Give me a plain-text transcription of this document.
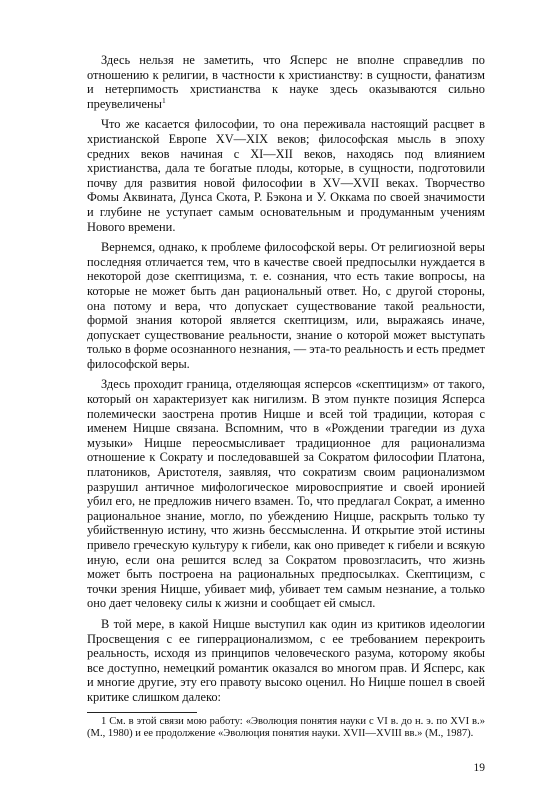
Здесь нельзя не заметить, что Ясперс не вполне справедлив по отношению к религии, в частности к христианству: в сущности, фанатизм и нетерпимость христианства к науке здесь оказываются сильно преувеличены$^1$

Что же касается философии, то она переживала настоящий расцвет в христианской Европе XV—XIX веков; философская мысль в эпоху средних веков начиная с XI—XII веков, находясь под влиянием христианства, дала те богатые плоды, которые, в сущности, подготовили почву для развития новой философии в XV—XVII веках. Творчество Фомы Аквината, Дунса Скота, Р. Бэкона и У. Оккама по своей значимости и глубине не уступает самым основательным и продуманным учениям Нового времени.

Вернемся, однако, к проблеме философской веры. От религиозной веры последняя отличается тем, что в качестве своей предпосылки нуждается в некоторой дозе скептицизма, т. е. сознания, что есть такие вопросы, на которые не может быть дан рациональный ответ. Но, с другой стороны, она потому и вера, что допускает существование такой реальности, формой знания которой является скептицизм, или, выражаясь иначе, допускает существование реальности, знание о которой может выступать только в форме осознанного незнания, — эта-то реальность и есть предмет философской веры.

Здесь проходит граница, отделяющая ясперсов «скептицизм» от такого, который он характеризует как нигилизм. В этом пункте позиция Ясперса полемически заострена против Ницше и всей той традиции, которая с именем Ницше связана. Вспомним, что в «Рождении трагедии из духа музыки» Ницше переосмысливает традиционное для рационализма отношение к Сократу и последовавшей за Сократом философии Платона, платоников, Аристотеля, заявляя, что сократизм своим рационализмом разрушил античное мифологическое мировосприятие и своей иронией убил его, не предложив ничего взамен. То, что предлагал Сократ, а именно рациональное знание, могло, по убеждению Ницше, раскрыть только ту убийственную истину, что жизнь бессмысленна. И открытие этой истины привело греческую культуру к гибели, как оно приведет к гибели и всякую иную, если она решится вслед за Сократом провозгласить, что жизнь может быть построена на рациональных предпосылках. Скептицизм, с точки зрения Ницше, убивает миф, убивает тем самым незнание, а только оно дает человеку силы к жизни и сообщает ей смысл.

В той мере, в какой Ницше выступил как один из критиков идеологии Просвещения с ее гиперрационализмом, с ее требованием перекроить реальность, исходя из принципов человеческого разума, которому якобы все доступно, немецкий романтик оказался во многом прав. И Ясперс, как и многие другие, эту его правоту высоко оценил. Но Ницше пошел в своей критике слишком далеко:

1 См. в этой связи мою работу: «Эволюция понятия науки с VI в. до н. э. по XVI в.» (М., 1980) и ее продолжение «Эволюция понятия науки. XVII—XVIII вв.» (М., 1987).
19
